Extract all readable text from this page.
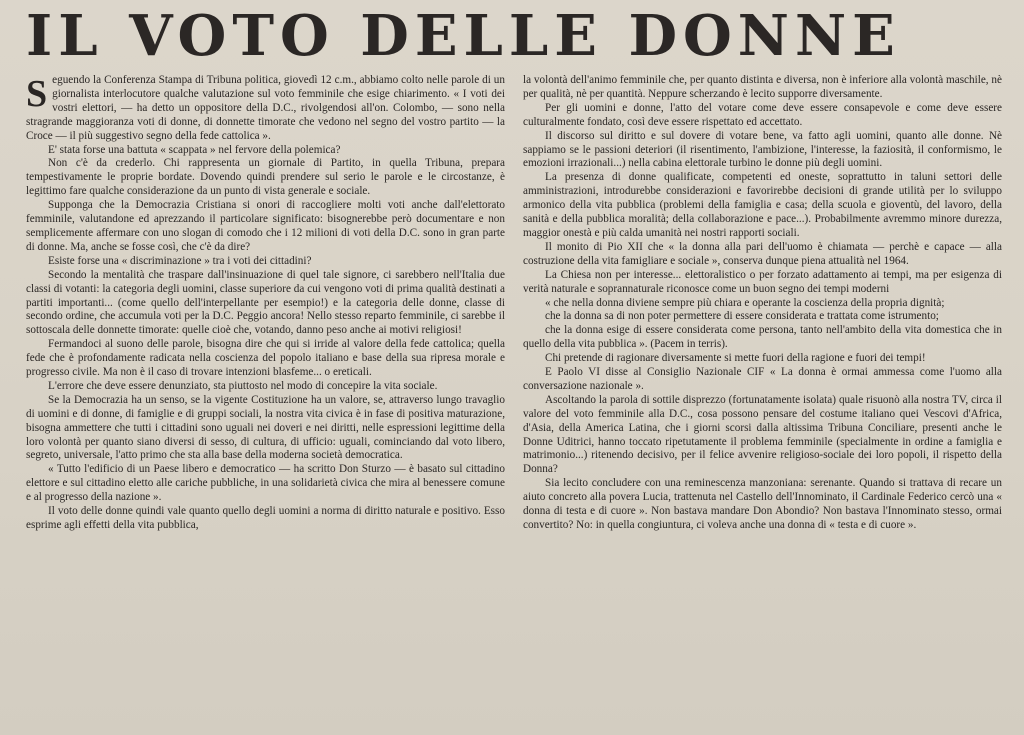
IL VOTO DELLE DONNE

Seguendo la Conferenza Stampa di Tribuna politica, giovedì 12 c.m., abbiamo colto nelle parole di un giornalista interlocutore qualche valutazione sul voto femminile che esige chiarimento. « I voti dei vostri elettori, — ha detto un oppositore della D.C., rivolgendosi all'on. Colombo, — sono nella stragrande maggioranza voti di donne, di donnette timorate che vedono nel segno del vostro partito — la Croce — il più suggestivo segno della fede cattolica ».

E' stata forse una battuta « scappata » nel fervore della polemica?

Non c'è da crederlo. Chi rappresenta un giornale di Partito, in quella Tribuna, prepara tempestivamente le proprie bordate. Dovendo quindi prendere sul serio le parole e le circostanze, è legittimo fare qualche considerazione da un punto di vista generale e sociale.

Supponga che la Democrazia Cristiana si onori di raccogliere molti voti anche dall'elettorato femminile, valutandone ed aprezzando il particolare significato: bisognerebbe però documentare e non semplicemente affermare con uno slogan di comodo che i 12 milioni di voti della D.C. sono in gran parte di donne. Ma, anche se fosse così, che c'è da dire?

Esiste forse una « discriminazione » tra i voti dei cittadini?

Secondo la mentalità che traspare dall'insinuazione di quel tale signore, ci sarebbero nell'Italia due classi di votanti: la categoria degli uomini, classe superiore da cui vengono voti di prima qualità destinati a partiti importanti... (come quello dell'interpellante per esempio!) e la categoria delle donne, classe di secondo ordine, che accumula voti per la D.C. Peggio ancora! Nello stesso reparto femminile, ci sarebbe il sottoscala delle donnette timorate: quelle cioè che, votando, danno peso anche ai motivi religiosi!

Fermandoci al suono delle parole, bisogna dire che qui si irride al valore della fede cattolica; quella fede che è profondamente radicata nella coscienza del popolo italiano e base della sua ripresa morale e progresso civile. Ma non è il caso di trovare intenzioni blasfeme... o ereticali.

L'errore che deve essere denunziato, sta piuttosto nel modo di concepire la vita sociale.

Se la Democrazia ha un senso, se la vigente Costituzione ha un valore, se, attraverso lungo travaglio di uomini e di donne, di famiglie e di gruppi sociali, la nostra vita civica è in fase di positiva maturazione, bisogna ammettere che tutti i cittadini sono uguali nei doveri e nei diritti, nelle espressioni legittime della loro volontà per quanto siano diversi di sesso, di cultura, di ufficio: uguali, cominciando dal voto libero, segreto, universale, l'atto primo che sta alla base della moderna società democratica.

« Tutto l'edificio di un Paese libero e democratico — ha scritto Don Sturzo — è basato sul cittadino elettore e sul cittadino eletto alle cariche pubbliche, in una solidarietà civica che mira al benessere comune e al progresso della nazione ».

Il voto delle donne quindi vale quanto quello degli uomini a norma di diritto naturale e positivo. Esso esprime agli effetti della vita pubblica,

la volontà dell'animo femminile che, per quanto distinta e diversa, non è inferiore alla volontà maschile, nè per qualità, nè per quantità. Neppure scherzando è lecito supporre diversamente.

Per gli uomini e donne, l'atto del votare come deve essere consapevole e come deve essere culturalmente fondato, così deve essere rispettato ed accettato.

Il discorso sul diritto e sul dovere di votare bene, va fatto agli uomini, quanto alle donne. Nè sappiamo se le passioni deteriori (il risentimento, l'ambizione, l'interesse, la faziosità, il conformismo, le emozioni irrazionali...) nella cabina elettorale turbino le donne più degli uomini.

La presenza di donne qualificate, competenti ed oneste, soprattutto in taluni settori delle amministrazioni, introdurebbe considerazioni e favorirebbe decisioni di grande utilità per lo sviluppo armonico della vita pubblica (problemi della famiglia e casa; della scuola e gioventù, del lavoro, della sanità e della pubblica moralità; della collaborazione e pace...). Probabilmente avremmo minore durezza, maggior onestà e più calda umanità nei nostri rapporti sociali.

Il monito di Pio XII che « la donna alla pari dell'uomo è chiamata — perchè e capace — alla costruzione della vita famigliare e sociale », conserva dunque piena attualità nel 1964.

La Chiesa non per interesse... elettoralistico o per forzato adattamento ai tempi, ma per esigenza di verità naturale e soprannaturale riconosce come un buon segno dei tempi moderni

« che nella donna diviene sempre più chiara e operante la coscienza della propria dignità;

che la donna sa di non poter permettere di essere considerata e trattata come istrumento;

che la donna esige di essere considerata come persona, tanto nell'ambito della vita domestica che in quello della vita pubblica ». (Pacem in terris).

Chi pretende di ragionare diversamente si mette fuori della ragione e fuori dei tempi!

E Paolo VI disse al Consiglio Nazionale CIF « La donna è ormai ammessa come l'uomo alla conversazione nazionale ».

Ascoltando la parola di sottile disprezzo (fortunatamente isolata) quale risuonò alla nostra TV, circa il valore del voto femminile alla D.C., cosa possono pensare del costume italiano quei Vescovi d'Africa, d'Asia, della America Latina, che i giorni scorsi dalla altissima Tribuna Conciliare, presenti anche le Donne Uditrici, hanno toccato ripetutamente il problema femminile (specialmente in ordine a famiglia e matrimonio...) ritenendo decisivo, per il felice avvenire religioso-sociale dei loro popoli, il rispetto della Donna?

Sia lecito concludere con una reminescenza manzoniana: serenante. Quando si trattava di recare un aiuto concreto alla povera Lucia, trattenuta nel Castello dell'Innominato, il Cardinale Federico cercò una « donna di testa e di cuore ». Non bastava mandare Don Abondio? Non bastava l'Innominato stesso, ormai convertito? No: in quella congiuntura, ci voleva anche una donna di « testa e di cuore ».
